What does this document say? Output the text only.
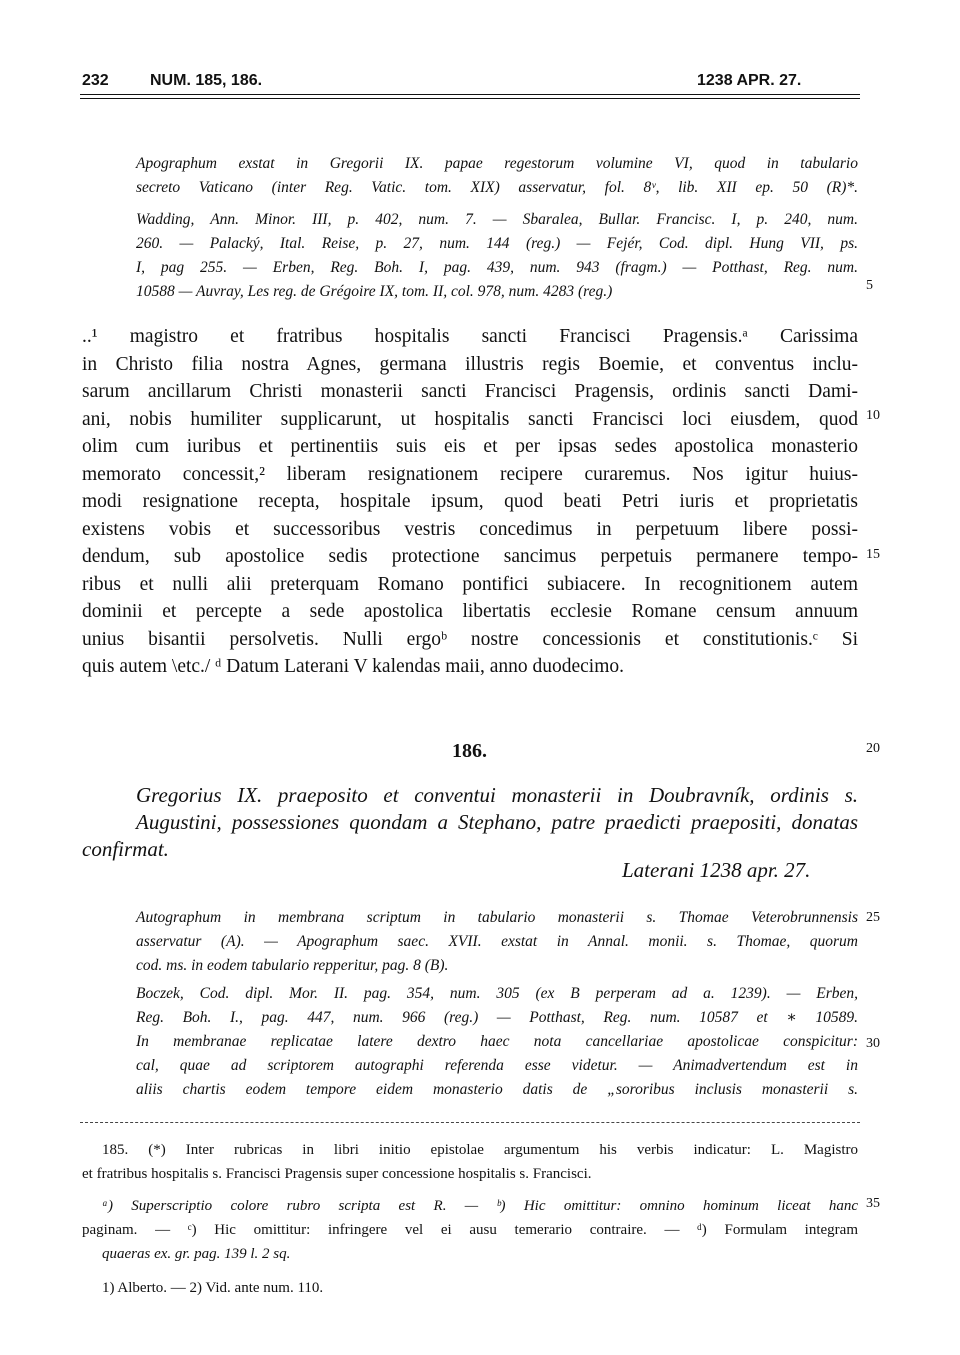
232	NUM. 185, 186.	1238 APR. 27.
Apographum exstat in Gregorii IX. papae regestorum volumine VI, quod in tabulario
secreto Vaticano (inter Reg. Vatic. tom. XIX) asservatur, fol. 8ᵛ, lib. XII ep. 50 (R)*.
Wadding, Ann. Minor. III, p. 402, num. 7. — Sbaralea, Bullar. Francisc. I, p. 240, num.
260. — Palacký, Ital. Reise, p. 27, num. 144 (reg.) — Fejér, Cod. dipl. Hung VII, ps.
I, pag 255. — Erben, Reg. Boh. I, pag. 439, num. 943 (fragm.) — Potthast, Reg. num.
10588 — Auvray, Les reg. de Grégoire IX, tom. II, col. 978, num. 4283 (reg.)
..¹ magistro et fratribus hospitalis sancti Francisci Pragensis.ᵃ Carissima
in Christo filia nostra Agnes, germana illustris regis Boemie, et conventus inclu-
sarum ancillarum Christi monasterii sancti Francisci Pragensis, ordinis sancti Dami-
ani, nobis humiliter supplicarunt, ut hospitalis sancti Francisci loci eiusdem, quod
olim cum iuribus et pertinentiis suis eis et per ipsas sedes apostolica monasterio
memorato concessit,² liberam resignationem recipere curaremus. Nos igitur huius-
modi resignatione recepta, hospitale ipsum, quod beati Petri iuris et proprietatis
existens vobis et successoribus vestris concedimus in perpetuum libere possi-
dendum, sub apostolice sedis protectione sancimus perpetuis permanere tempo-
ribus et nulli alii preterquam Romano pontifici subiacere. In recognitionem autem
dominii et percepte a sede apostolica libertatis ecclesie Romane censum annuum
unius bisantii persolvetis. Nulli ergoᵇ nostre concessionis et constitutionis.ᶜ Si
quis autem \etc./ ᵈ Datum Laterani V kalendas maii, anno duodecimo.
5
10
15
20
25
30
35
186.
Gregorius IX. praeposito et conventui monasterii in Doubravník, ordinis s.
Augustini, possessiones quondam a Stephano, patre praedicti praepositi, donatas
confirmat.
Laterani 1238 apr. 27.
Autographum in membrana scriptum in tabulario monasterii s. Thomae Veterobrunnensis
asservatur (A). — Apographum saec. XVII. exstat in Annal. monii. s. Thomae, quorum
cod. ms. in eodem tabulario repperitur, pag. 8 (B).
Boczek, Cod. dipl. Mor. II. pag. 354, num. 305 (ex B perperam ad a. 1239). — Erben,
Reg. Boh. I., pag. 447, num. 966 (reg.) — Potthast, Reg. num. 10587 et ∗ 10589.
In membranae replicatae latere dextro haec nota cancellariae apostolicae conspicitur:
cal, quae ad scriptorem autographi referenda esse videtur. — Animadvertendum est in
aliis chartis eodem tempore eidem monasterio datis de „sororibus inclusis monasterii s.
185. (*) Inter rubricas in libri initio epistolae argumentum his verbis indicatur: L. Magistro
et fratribus hospitalis s. Francisci Pragensis super concessione hospitalis s. Francisci.
ᵃ) Superscriptio colore rubro scripta est R. — ᵇ) Hic omittitur: omnino hominum liceat hanc
paginam. — ᶜ) Hic omittitur: infringere vel ei ausu temerario contraire. — ᵈ) Formulam integram
quaeras ex. gr. pag. 139 l. 2 sq.
1) Alberto. — 2) Vid. ante num. 110.
